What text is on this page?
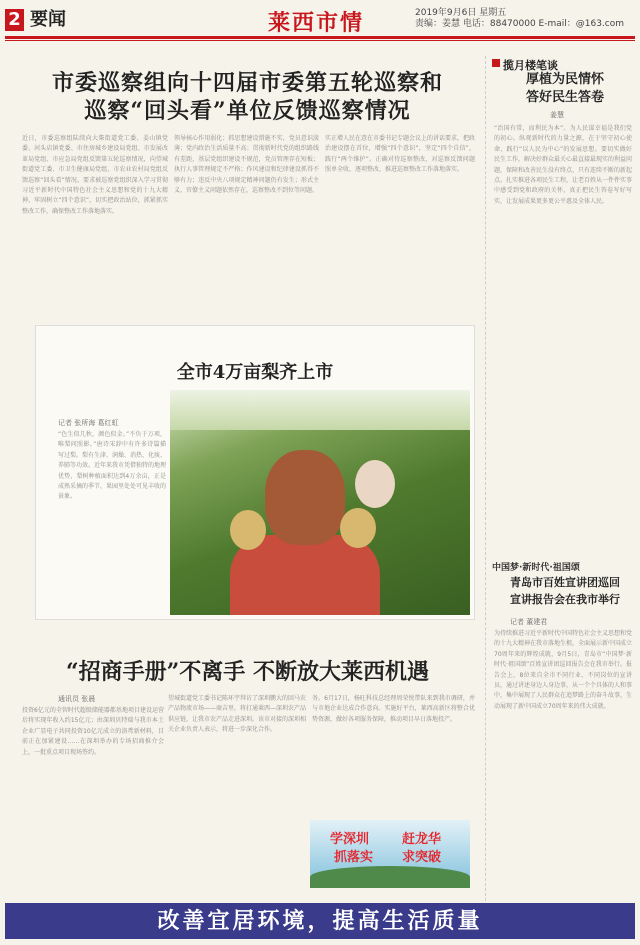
2 要闻	莱西市情	2019年9月6日 星期五
责编：姜慧 电话：88470000 E-mail：@163.com
市委巡察组向十四届市委第五轮巡察和
巡察“回头看”单位反馈巡察情况
近日，市委巡察组陆续向大柴街道党工委、姜山镇党委、河头店镇党委、市住房城乡建设局党组、市发展改革局党组、市应急局党组反馈第五轮巡察情况，向望城街道党工委、市卫生健康局党组、市农业农村局党组反馈巡察“回头看”情况。要求被巡察党组织深入学习贯彻习近平新时代中国特色社会主义思想和党的十九大精神，牢固树立“四个意识”，切实把政治站位，抓紧抓实整改工作，确保整改工作落地落实。
领导核心作用弱化；抓思想建设措施不实，党员意识淡薄；党内政治生活质量不高；贯彻新时代党的组织路线有差距，基层党组织建设不规范，党员管理存在短板；执行人事管理规定不严格；作风建设和纪律建设抓得不够有力；违反中央八项规定精神问题仍有发生；形式主义、官僚主义问题依然存在，巡察整改不到位等问题。
实正增人民在意在市委书记专题会议上的讲话要求，把政治建设摆在首位，增强“四个意识”，坚定“四个自信”，践行“两个维护”。正确对待巡察整改，对巡察反馈问题照单全收，逐项整改，推进巡察整改工作落地落实。
揽月楼笔谈
厚植为民情怀
答好民生答卷
姜慧
“治国有常，而利民为本”。为人民谋幸福是我们党的初心。纵观新时代的力量之源，在于坚守初心使命，践行“以人民为中心”的发展思想。要切实做好民生工作，解决好群众最关心最直接最现实的利益问题，保障和改善民生没有终点，只有连续不断的新起点。扎实推进各项民生工程，让老百姓从一件件实事中感受到党和政府的关怀，真正把民生答卷写好写实，让发展成果更多更公平惠及全体人民。
全市4万亩梨齐上市
记者 张所海 葛红虹
“色生似几秋，颜色似金。”不负于万项，唯梨问照影。”唐诗宋辞中有许多诗篇描写过梨。梨有生津、润燥、消热、化痰、养肺等功效。近年来我市凭借独特的地理优势，梨树种植面积达到4万余亩，正是成熟采摘的季节，果园里处处可见丰收的景象。
“招商手册”不离手 不断放大莱西机遇
通讯员 张晨
投资6亿元的全智时代超级储能器都基地项目建设运营后将实现年收入约15亿元；由深圳贝特瑞与我市本土企业广显电子共同投资10亿元成立的洛鸢新材料，目前正在加紧建设……在深圳举办的专场招商推介会上，一批重点项目现场签约。
望城街道党工委书记陈环宇拜访了深圳鹏大的回马农产品物流市场——商吉里，将打通莱西—深圳农产品供应链，让我市农产品走进深圳。该市对接的深圳相关企业负责人表示，将进一步深化合作。
务。6月17日，杨旺科技总经理周荣悦带队来到我市调研，并与市地企业达成合作意向。实施好平台，莱西高新区将整合优势资源，做好各项服务保障，推动项目早日落地投产。
学深圳	赶龙华
抓落实 求突破
中国梦·新时代·祖国颂
青岛市百姓宣讲团巡回
宣讲报告会在我市举行
记者 董建君
为持续推进习近平新时代中国特色社会主义思想和党的十九大精神在我市落地生根，全面展示新中国成立70周年来的辉煌成就，9月5日，青岛市“中国梦·新时代·祖国颂”百姓宣讲团巡回报告会在我市举行。报告会上，8位来自全市不同行业、不同岗位的宣讲员，通过讲述身边人身边事，从一个个具体的人和事中，集中展现了人民群众在追梦路上的奋斗故事，生动展现了新中国成立70周年来的伟大成就。
改善宜居环境，提高生活质量
